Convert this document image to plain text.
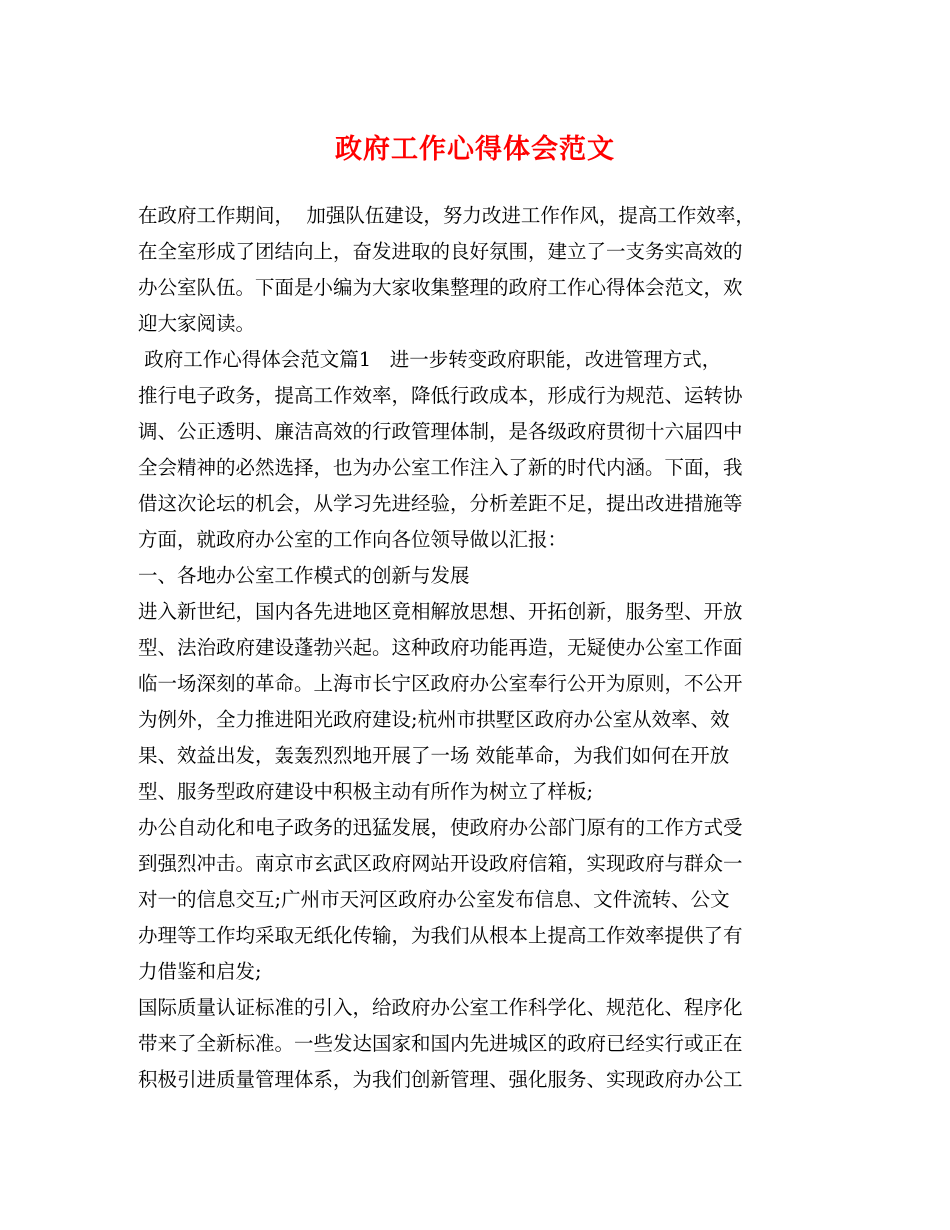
政府工作心得体会范文
在政府工作期间，  加强队伍建设，努力改进工作作风，提高工作效率，
在全室形成了团结向上，奋发进取的良好氛围，建立了一支务实高效的
办公室队伍。下面是小编为大家收集整理的政府工作心得体会范文，欢
迎大家阅读。
政府工作心得体会范文篇1   进一步转变政府职能，改进管理方式，
推行电子政务，提高工作效率，降低行政成本，形成行为规范、运转协
调、公正透明、廉洁高效的行政管理体制，是各级政府贯彻十六届四中
全会精神的必然选择，也为办公室工作注入了新的时代内涵。下面，我
借这次论坛的机会，从学习先进经验，分析差距不足，提出改进措施等
方面，就政府办公室的工作向各位领导做以汇报：
一、各地办公室工作模式的创新与发展
进入新世纪，国内各先进地区竟相解放思想、开拓创新，服务型、开放
型、法治政府建设蓬勃兴起。这种政府功能再造，无疑使办公室工作面
临一场深刻的革命。上海市长宁区政府办公室奉行公开为原则，不公开
为例外，全力推进阳光政府建设;杭州市拱墅区政府办公室从效率、效
果、效益出发，轰轰烈烈地开展了一场 效能革命，为我们如何在开放
型、服务型政府建设中积极主动有所作为树立了样板;
办公自动化和电子政务的迅猛发展，使政府办公部门原有的工作方式受
到强烈冲击。南京市玄武区政府网站开设政府信箱，实现政府与群众一
对一的信息交互;广州市天河区政府办公室发布信息、文件流转、公文
办理等工作均采取无纸化传输，为我们从根本上提高工作效率提供了有
力借鉴和启发;
国际质量认证标准的引入，给政府办公室工作科学化、规范化、程序化
带来了全新标准。一些发达国家和国内先进城区的政府已经实行或正在
积极引进质量管理体系，为我们创新管理、强化服务、实现政府办公工
